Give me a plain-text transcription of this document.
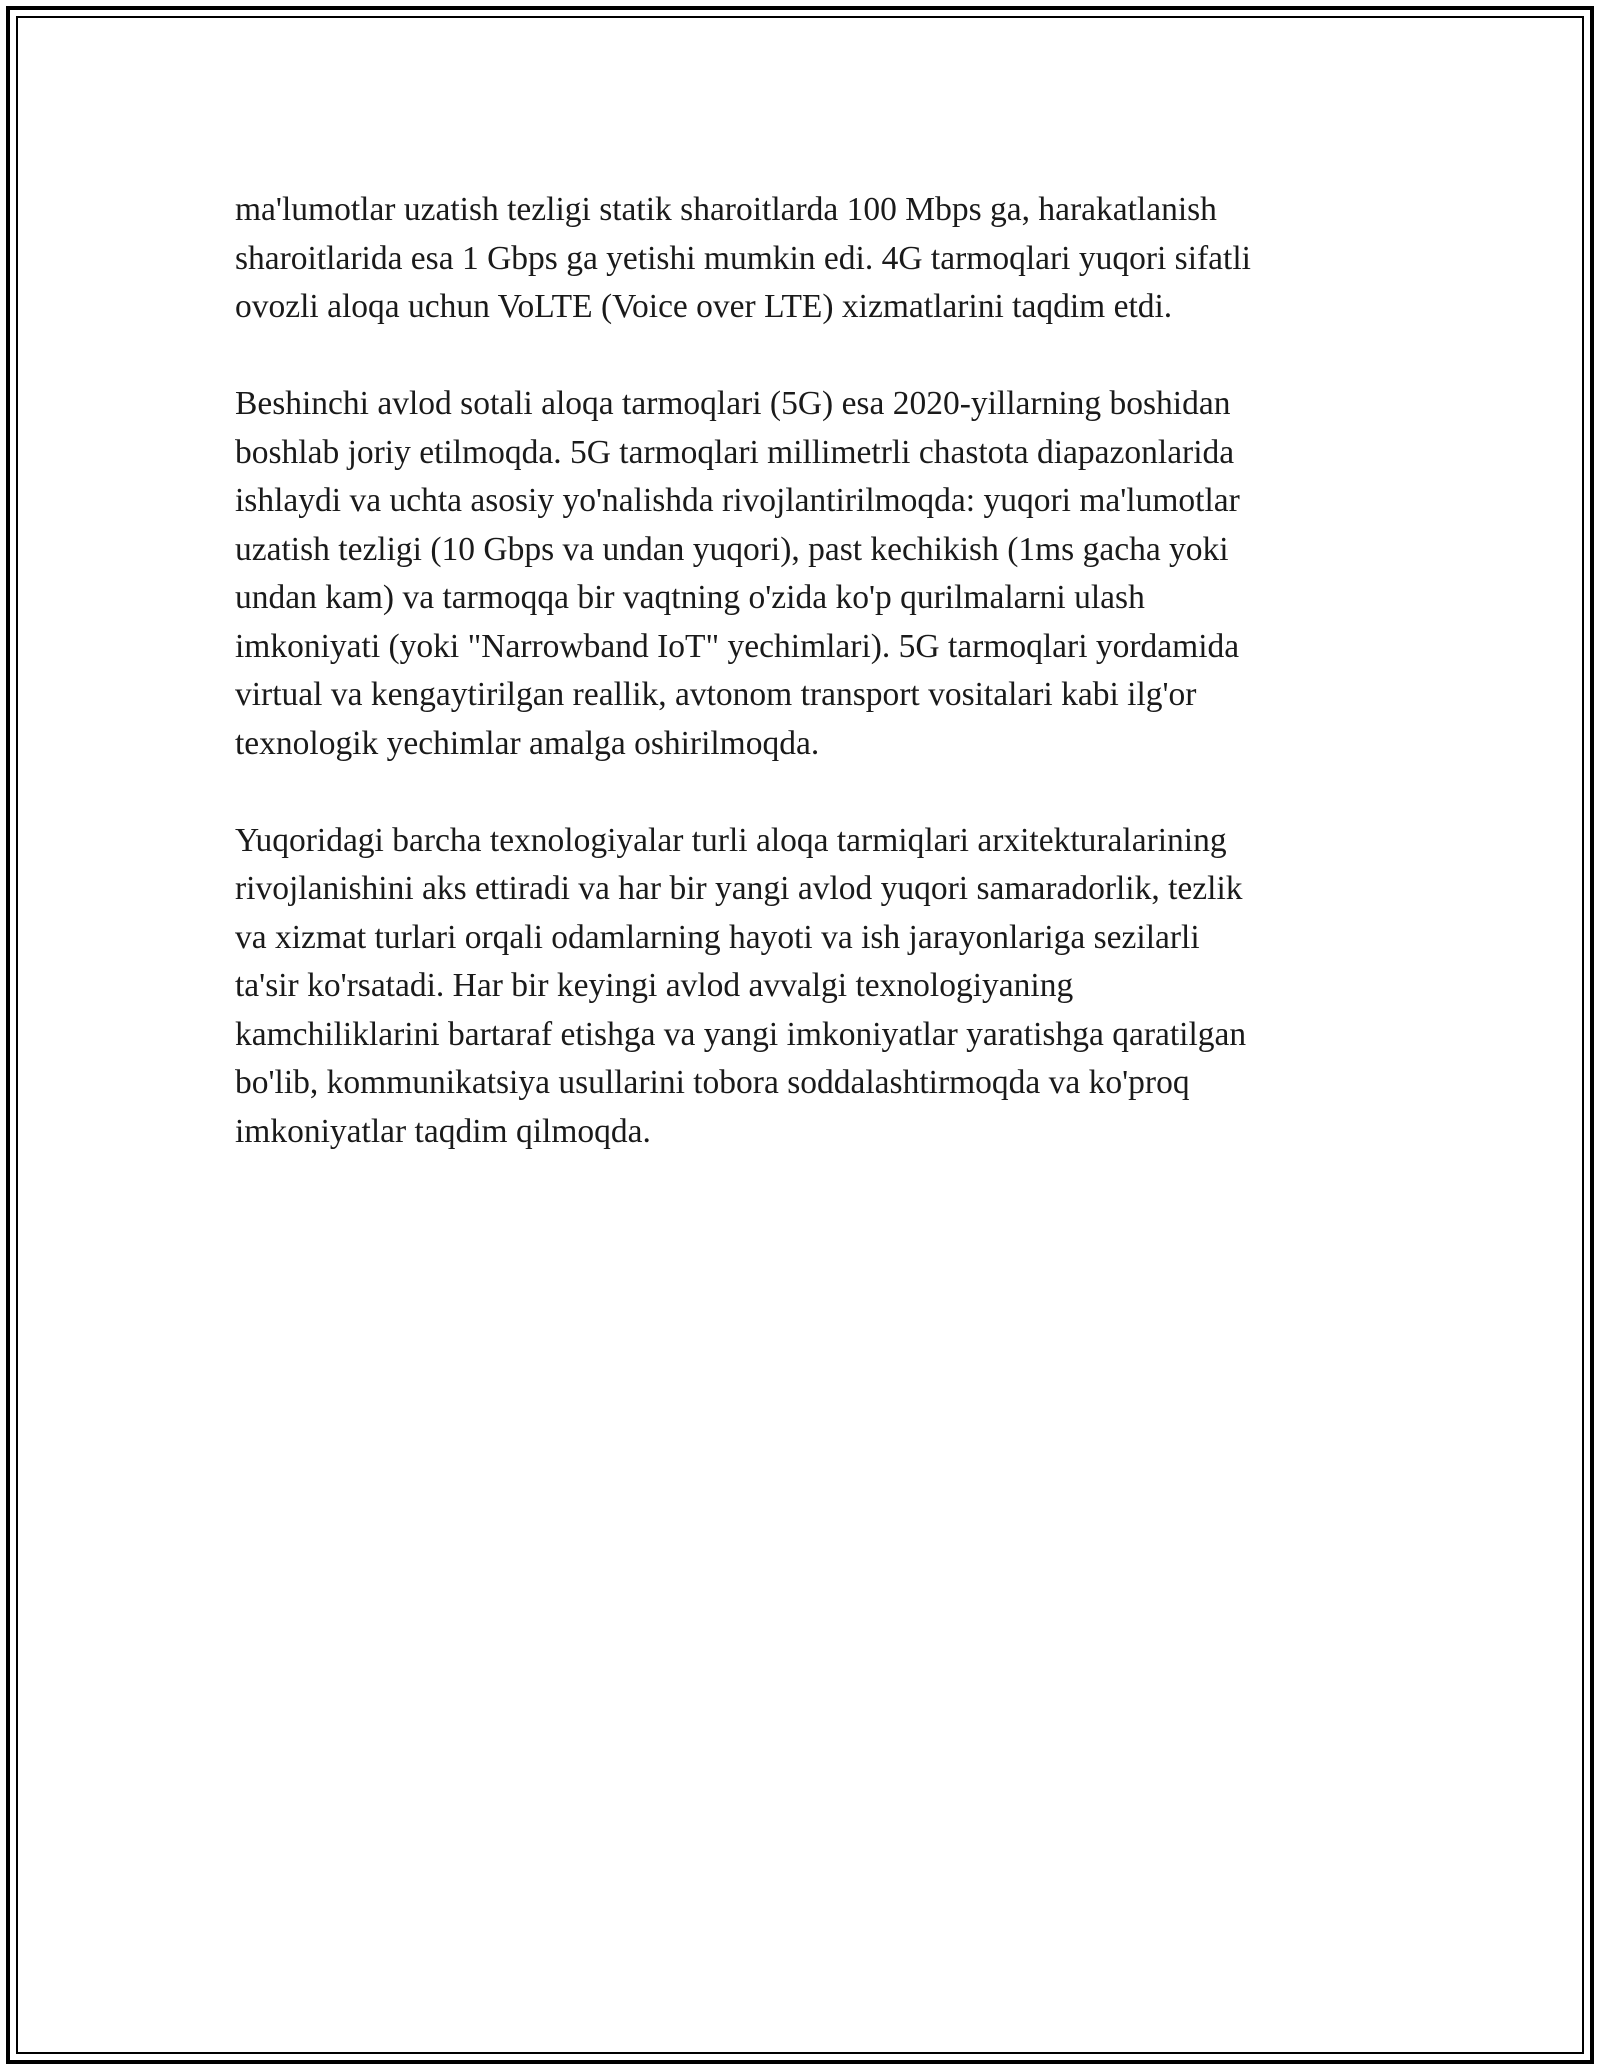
ma'lumotlar uzatish tezligi statik sharoitlarda 100 Mbps ga, harakatlanish
sharoitlarida esa 1 Gbps ga yetishi mumkin edi. 4G tarmoqlari yuqori sifatli
ovozli aloqa uchun VoLTE (Voice over LTE) xizmatlarini taqdim etdi.

Beshinchi avlod sotali aloqa tarmoqlari (5G) esa 2020-yillarning boshidan
boshlab joriy etilmoqda. 5G tarmoqlari millimetrli chastota diapazonlarida
ishlaydi va uchta asosiy yo'nalishda rivojlantirilmoqda: yuqori ma'lumotlar
uzatish tezligi (10 Gbps va undan yuqori), past kechikish (1ms gacha yoki
undan kam) va tarmoqqa bir vaqtning o'zida ko'p qurilmalarni ulash
imkoniyati (yoki "Narrowband IoT" yechimlari). 5G tarmoqlari yordamida
virtual va kengaytirilgan reallik, avtonom transport vositalari kabi ilg'or
texnologik yechimlar amalga oshirilmoqda.

Yuqoridagi barcha texnologiyalar turli aloqa tarmiqlari arxitekturalarining
rivojlanishini aks ettiradi va har bir yangi avlod yuqori samaradorlik, tezlik
va xizmat turlari orqali odamlarning hayoti va ish jarayonlariga sezilarli
ta'sir ko'rsatadi. Har bir keyingi avlod avvalgi texnologiyaning
kamchiliklarini bartaraf etishga va yangi imkoniyatlar yaratishga qaratilgan
bo'lib, kommunikatsiya usullarini tobora soddalashtirmoqda va ko'proq
imkoniyatlar taqdim qilmoqda.
